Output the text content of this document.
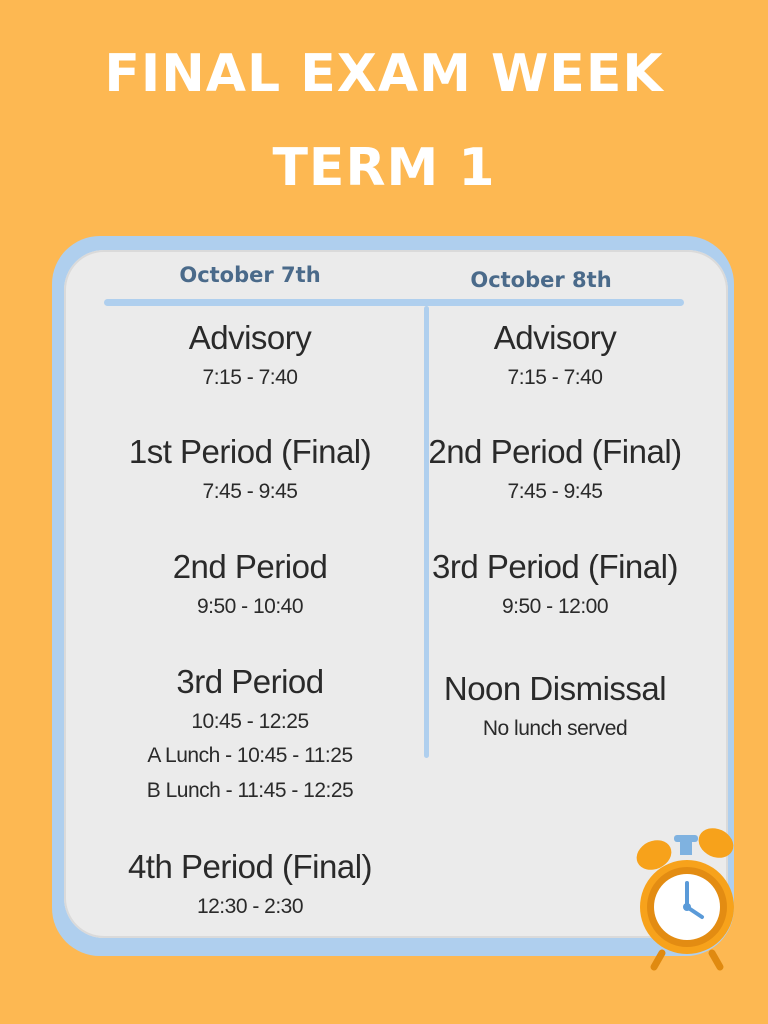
FINAL EXAM WEEK
TERM 1
October 7th	October 8th
Advisory
7:15 - 7:40
1st Period (Final)
7:45 - 9:45
2nd Period
9:50 - 10:40
3rd Period
10:45 - 12:25
A Lunch - 10:45 - 11:25
B Lunch - 11:45 - 12:25
4th Period (Final)
12:30 - 2:30
Advisory
7:15 - 7:40
2nd Period (Final)
7:45 - 9:45
3rd Period (Final)
9:50 - 12:00
Noon Dismissal
No lunch served
